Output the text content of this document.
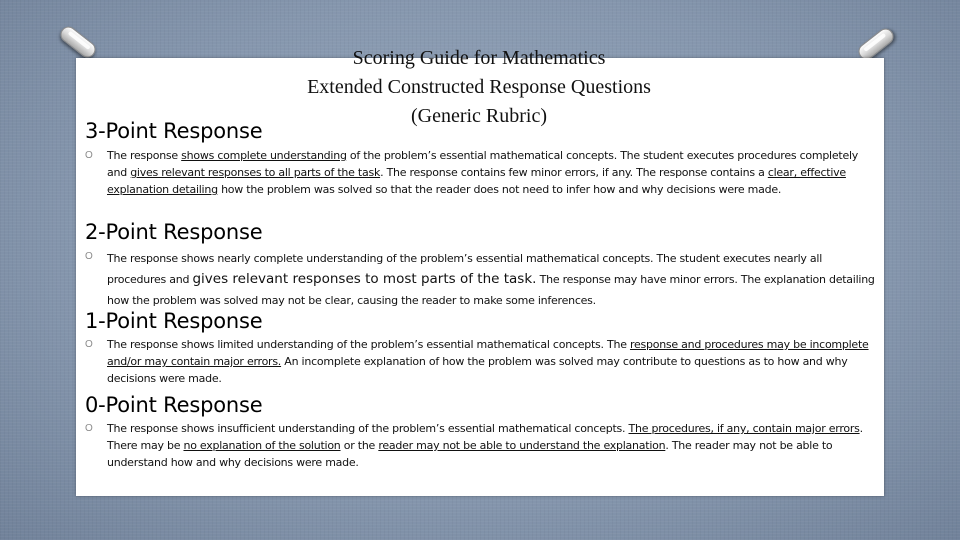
Scoring Guide for Mathematics
Extended Constructed Response Questions
(Generic Rubric)
3-Point Response
O The response shows complete understanding of the problem’s essential mathematical concepts. The student executes procedures completely and gives relevant responses to all parts of the task. The response contains few minor errors, if any. The response contains a clear, effective explanation detailing how the problem was solved so that the reader does not need to infer how and why decisions were made.
2-Point Response
O The response shows nearly complete understanding of the problem’s essential mathematical concepts. The student executes nearly all procedures and gives relevant responses to most parts of the task. The response may have minor errors. The explanation detailing how the problem was solved may not be clear, causing the reader to make some inferences.
1-Point Response
O The response shows limited understanding of the problem’s essential mathematical concepts. The response and procedures may be incomplete and/or may contain major errors. An incomplete explanation of how the problem was solved may contribute to questions as to how and why decisions were made.
0-Point Response
O The response shows insufficient understanding of the problem’s essential mathematical concepts. The procedures, if any, contain major errors. There may be no explanation of the solution or the reader may not be able to understand the explanation. The reader may not be able to understand how and why decisions were made.
